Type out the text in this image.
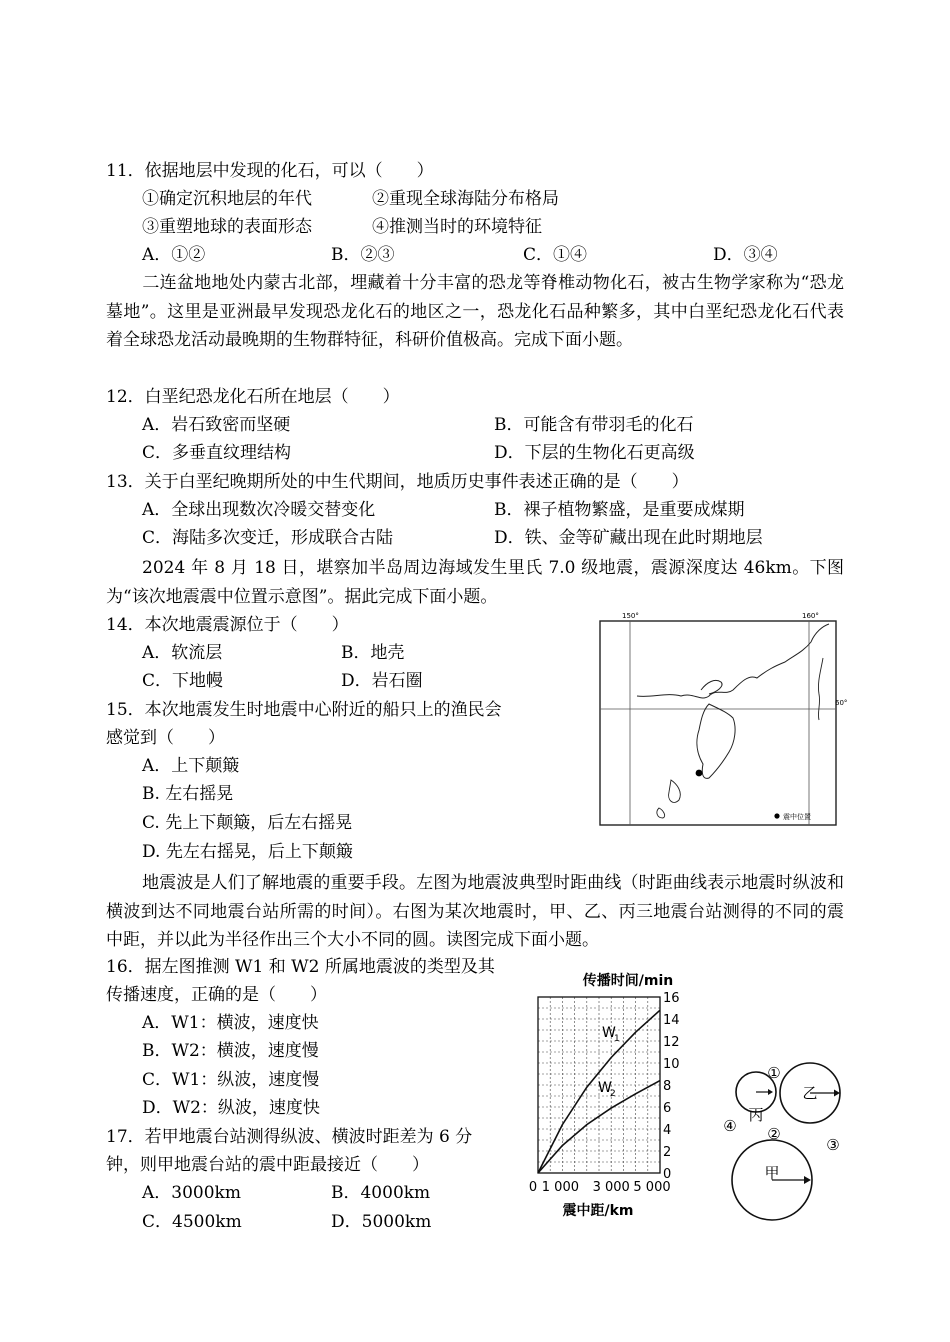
11．依据地层中发现的化石，可以（　　）
①确定沉积地层的年代	②重现全球海陆分布格局
③重塑地球的表面形态	④推测当时的环境特征
A．①②	B．②③	C．①④	D．③④
二连盆地地处内蒙古北部，埋藏着十分丰富的恐龙等脊椎动物化石，被古生物学家称为“恐龙墓地”。这里是亚洲最早发现恐龙化石的地区之一，恐龙化石品种繁多，其中白垩纪恐龙化石代表着全球恐龙活动最晚期的生物群特征，科研价值极高。完成下面小题。
12．白垩纪恐龙化石所在地层（　　）
A．岩石致密而坚硬	B．可能含有带羽毛的化石
C．多垂直纹理结构	D．下层的生物化石更高级
13．关于白垩纪晚期所处的中生代期间，地质历史事件表述正确的是（　　）
A．全球出现数次冷暖交替变化	B．裸子植物繁盛，是重要成煤期
C．海陆多次变迁，形成联合古陆	D．铁、金等矿藏出现在此时期地层
2024 年 8 月 18 日，堪察加半岛周边海域发生里氏 7.0 级地震，震源深度达 46km。下图为“该次地震震中位置示意图”。据此完成下面小题。
14．本次地震震源位于（　　）
A．软流层	B．地壳
C．下地幔	D．岩石圈
15．本次地震发生时地震中心附近的船只上的渔民会
感觉到（　　）
A．上下颠簸
B. 左右摇晃
C. 先上下颠簸，后左右摇晃
D. 先左右摇晃，后上下颠簸
150°	160°
60°
震中位置
地震波是人们了解地震的重要手段。左图为地震波典型时距曲线（时距曲线表示地震时纵波和横波到达不同地震台站所需的时间）。右图为某次地震时，甲、乙、丙三地震台站测得的不同的震中距，并以此为半径作出三个大小不同的圆。读图完成下面小题。
16．据左图推测 W1 和 W2 所属地震波的类型及其
传播速度，正确的是（　　）
A．W1：横波，速度快
B．W2：横波，速度慢
C．W1：纵波，速度慢
D．W2：纵波，速度快
17．若甲地震台站测得纵波、横波时距差为 6 分
钟，则甲地震台站的震中距最接近（　　）
A．3000km	B．4000km
C．4500km	D．5000km
0
2
4
6
8
10
12
14
16
0 1 000 3 000 5 000
W
1
W
2
传播时间/min
震中距/km
丙
乙
甲
①
②
③
④
